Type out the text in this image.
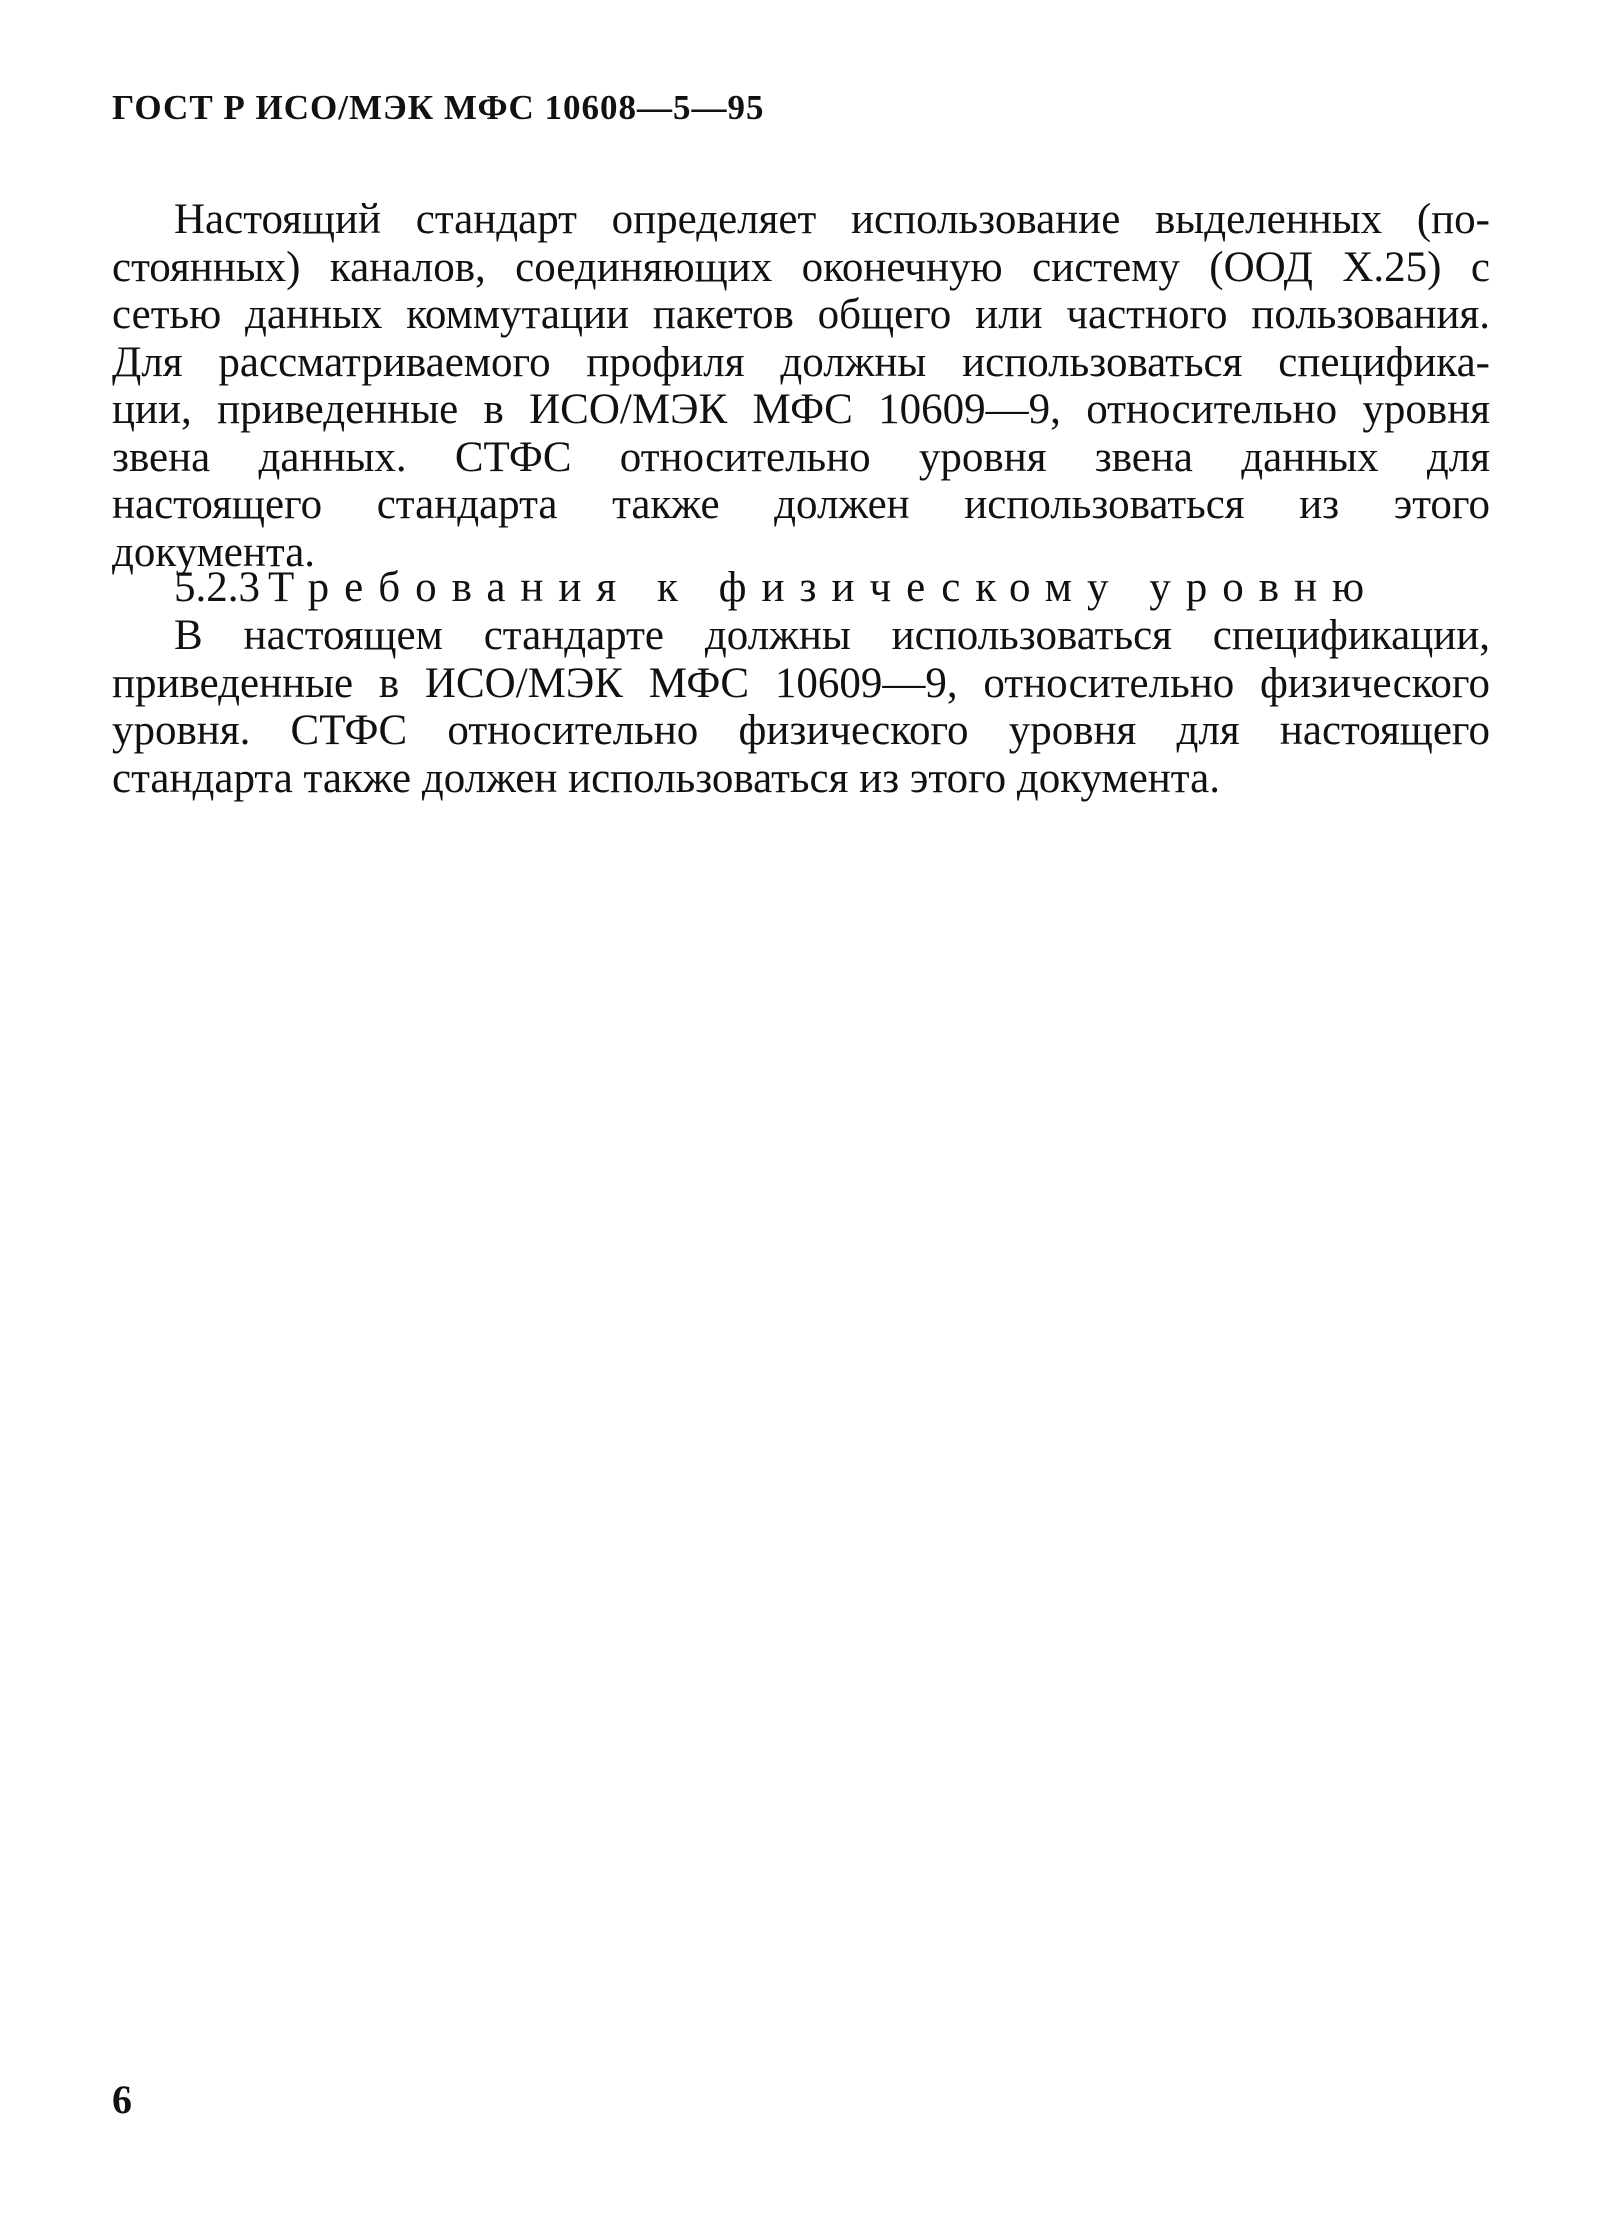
ГОСТ Р ИСО/МЭК МФС 10608—5—95
Настоящий стандарт определяет использование выделенных (по-
стоянных) каналов, соединяющих оконечную систему (ООД Х.25) с
сетью данных коммутации пакетов общего или частного пользования.
Для рассматриваемого профиля должны использоваться специфика-
ции, приведенные в ИСО/МЭК МФС 10609—9, относительно уровня
звена данных. СТФС относительно уровня звена данных для
настоящего стандарта также должен использоваться из этого
документа.
5.2.3 Требования к физическому уровню
В настоящем стандарте должны использоваться спецификации,
приведенные в ИСО/МЭК МФС 10609—9, относительно физического
уровня. СТФС относительно физического уровня для настоящего
стандарта также должен использоваться из этого документа.
6
